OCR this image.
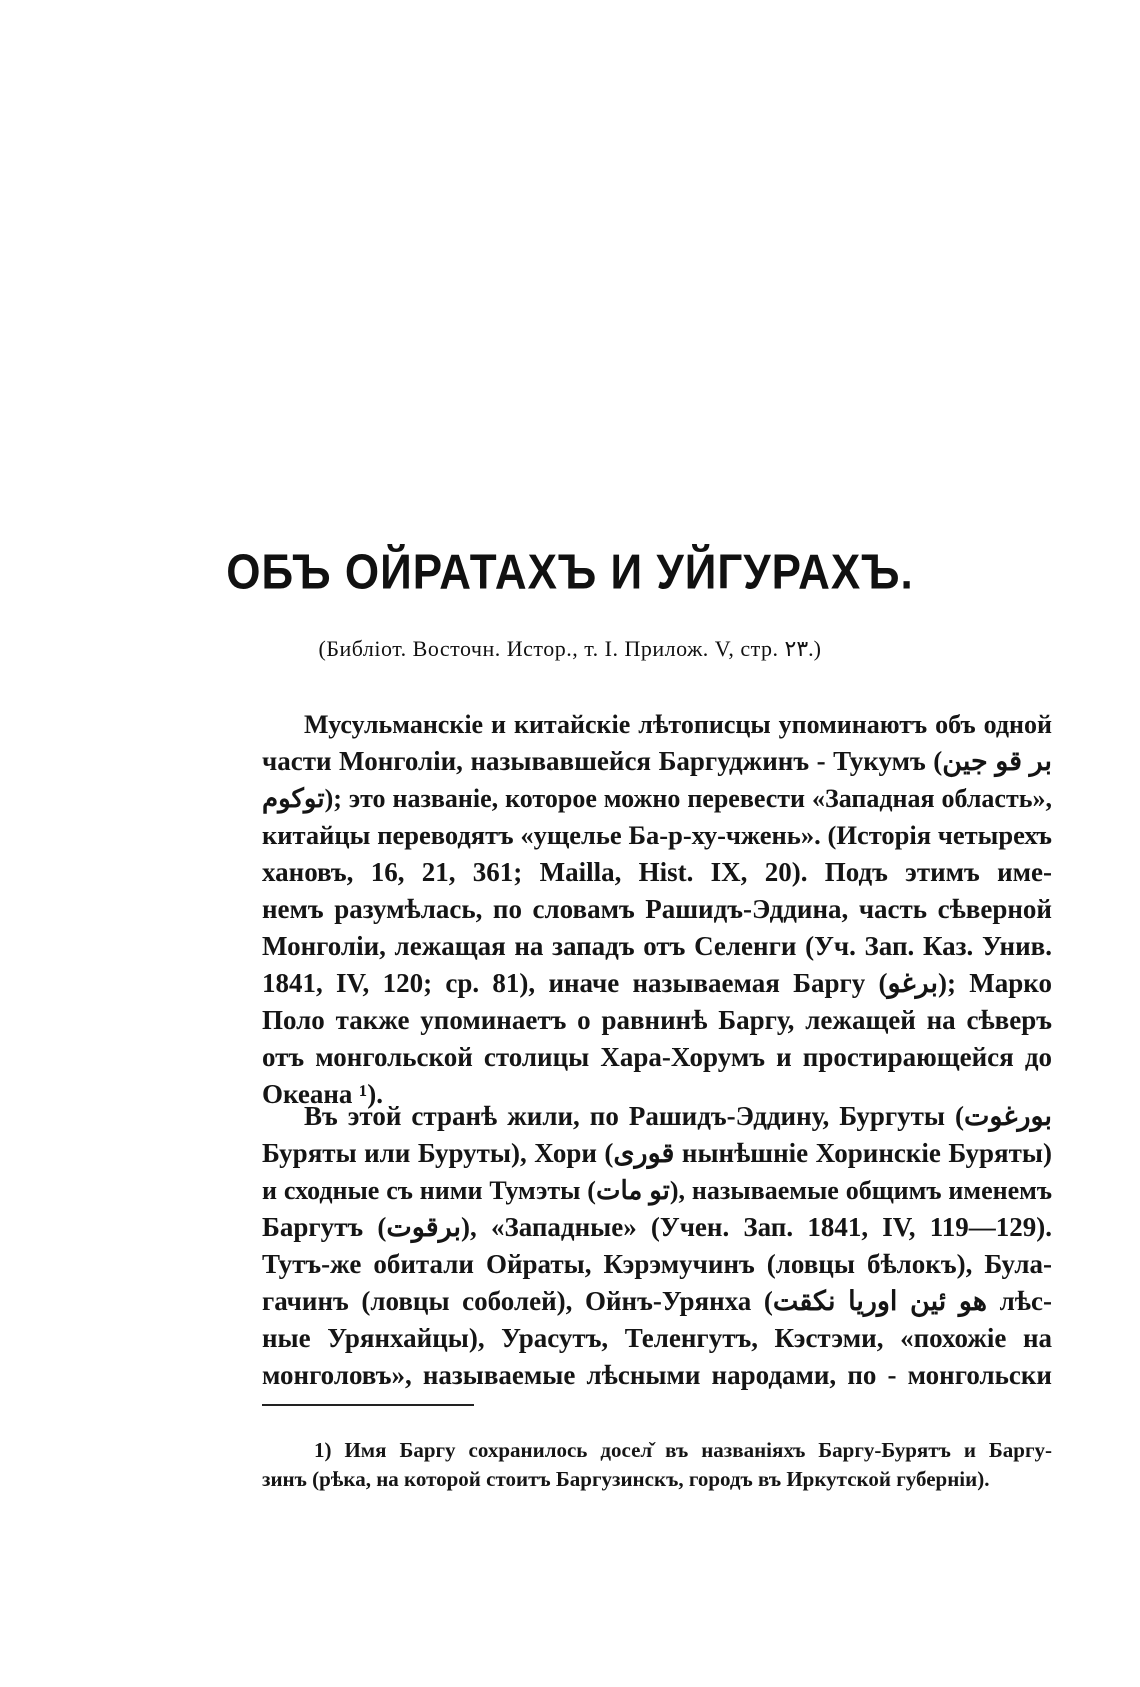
ОБЪ ОЙРАТАХЪ И УЙГУРАХЪ.
(Библіот. Восточн. Истор., т. I. Прилож. V, стр. ٢٣.)
Мусульманскіе и китайскіе лѣтописцы упоминаютъ объ одной
части Монголіи, называвшейся Баргуджинъ - Тукумъ (بر قو جين
توكوم); это названіе, которое можно перевести «Западная область»,
китайцы переводятъ «ущелье Ба-р-ху-чжень». (Исторія четырехъ
хановъ, 16, 21, 361; Mailla, Hist. IX, 20). Подъ этимъ име-
немъ разумѣлась, по словамъ Рашидъ-Эддина, часть сѣверной
Монголіи, лежащая на западъ отъ Селенги (Уч. Зап. Каз. Унив.
1841, IV, 120; ср. 81), иначе называемая Баргу (برغو); Марко
Поло также упоминаетъ о равнинѣ Баргу, лежащей на сѣверъ
отъ монгольской столицы Хара-Хорумъ и простирающейся до
Океана ¹).
Въ этой странѣ жили, по Рашидъ-Эддину, Бургуты (بورغوت
Буряты или Буруты), Хори (قورى нынѣшніе Хоринскіе Буряты)
и сходные съ ними Тумэты (تو مات), называемые общимъ именемъ
Баргутъ (برقوت), «Западные» (Учен. Зап. 1841, IV, 119—129).
Тутъ-же обитали Ойраты, Кэрэмучинъ (ловцы бѣлокъ), Була-
гачинъ (ловцы соболей), Ойнъ-Урянха (هو ئين اوريا نكقت лѣс-
ные Урянхайцы), Урасутъ, Теленгутъ, Кэстэми, «похожіе на
монголовъ», называемые лѣсными народами, по - монгольски
1) Имя Баргу сохранилось досел̌ въ названіяхъ Баргу-Бурятъ и Баргу-
зинъ (рѣка, на которой стоитъ Баргузинскъ, городъ въ Иркутской губерніи).
